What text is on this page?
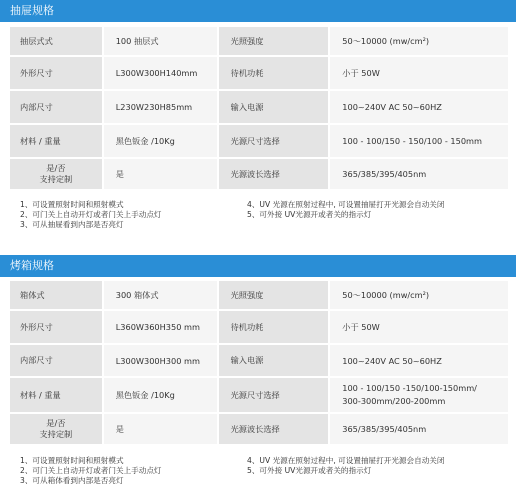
抽屉规格
抽层式式	100 抽层式	光照强度	50～10000 (mw/cm²)
外形尺寸	L300W300H140mm	待机功耗	小于 50W
内部尺寸	L230W230H85mm	输入电源	100~240V AC 50~60HZ
材料 / 重量	黑色钣金 /10Kg	光源尺寸选择	100 - 100/150 - 150/100 - 150mm

是/否
支持定制	是	光源波长选择	365/385/395/405nm
1、可设置照射时间和照射模式
2、可门关上自动开灯或者门关上手动点灯
3、可从抽屉看到内部是否亮灯
4、UV 光源在照射过程中, 可设置抽屉打开光源会自动关闭
5、可外接 UV光源开或者关的指示灯
烤箱规格
箱体式	300 箱体式	光照强度	50～10000 (mw/cm²)
外形尺寸	L360W360H350 mm	待机功耗	小于 50W
内部尺寸	L300W300H300 mm	输入电源	100~240V AC 50~60HZ
材料 / 重量	黑色钣金 /10Kg	光源尺寸选择	100 - 100/150 -150/100-150mm/
300-300mm/200-200mm

是/否
支持定制	是	光源波长选择	365/385/395/405nm
1、可设置照射时间和照射模式
2、可门关上自动开灯或者门关上手动点灯
3、可从箱体看到内部是否亮灯
4、UV 光源在照射过程中, 可设置抽屉打开光源会自动关闭
5、可外接 UV光源开或者关的指示灯
